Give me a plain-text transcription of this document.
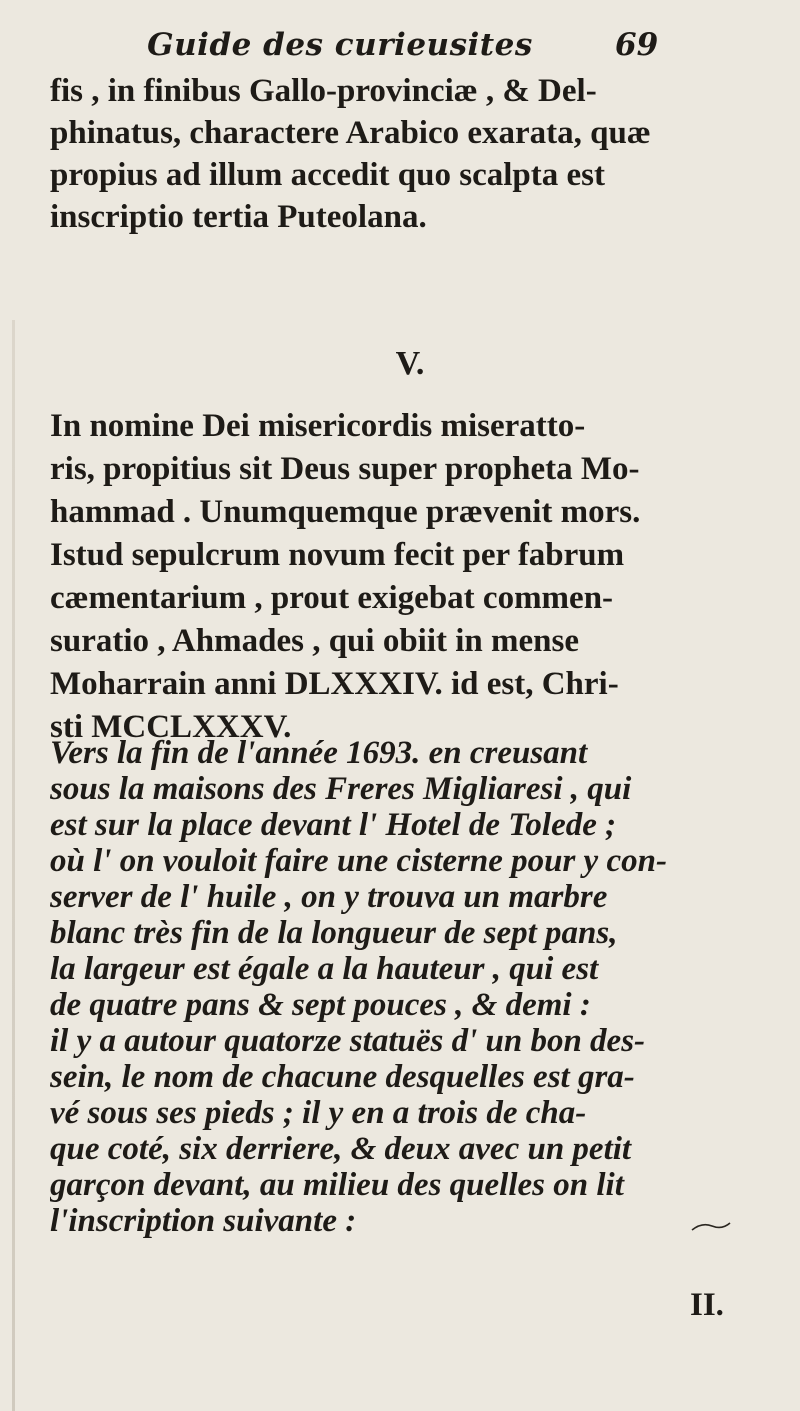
Guide des curieusites	69
fis , in finibus Gallo-provinciæ , & Del-
phinatus, charactere Arabico exarata, quæ
propius ad illum accedit quo scalpta est
inscriptio tertia Puteolana.
V.
In nomine Dei misericordis miseratto-
ris, propitius sit Deus super propheta Mo-
hammad . Unumquemque prævenit mors.
Istud sepulcrum novum fecit per fabrum
cæmentarium , prout exigebat commen-
suratio , Ahmades , qui obiit in mense
Moharrain anni DLXXXIV. id est, Chri-
sti MCCLXXXV.
Vers la fin de l'année 1693. en creusant
sous la maisons des Freres Migliaresi , qui
est sur la place devant l' Hotel de Tolede ;
où l' on vouloit faire une cisterne pour y con-
server de l' huile , on y trouva un marbre
blanc très fin de la longueur de sept pans,
la largeur est égale a la hauteur , qui est
de quatre pans & sept pouces , & demi :
il y a autour quatorze statuës d' un bon des-
sein, le nom de chacune desquelles est gra-
vé sous ses pieds ; il y en a trois de cha-
que coté, six derriere, & deux avec un petit
garçon devant, au milieu des quelles on lit
l'inscription suivante :
II.
